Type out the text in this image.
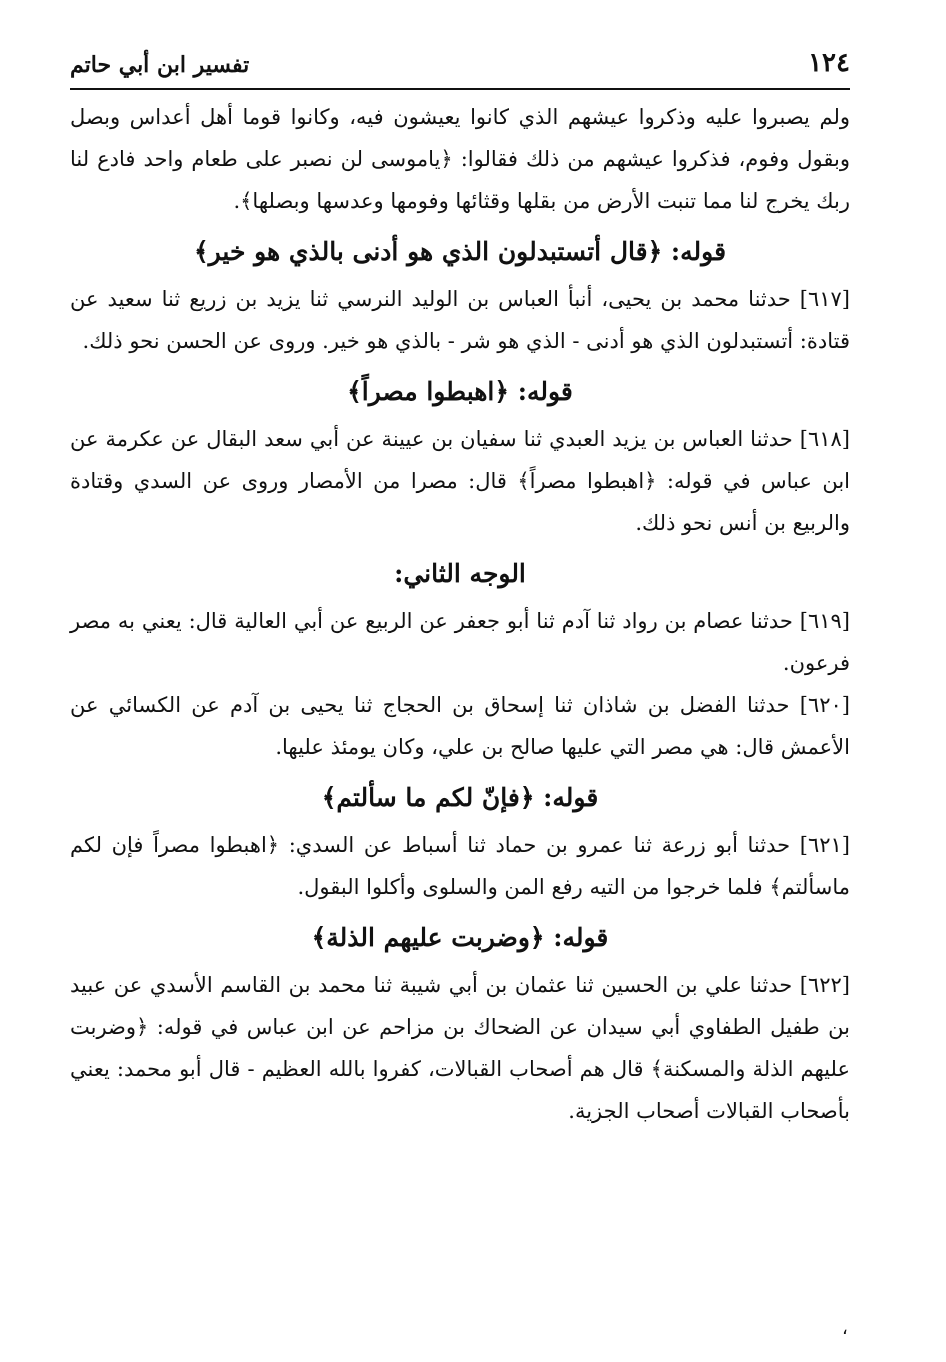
١٢٤
تفسير ابن أبي حاتم

ولم يصبروا عليه وذكروا عيشهم الذي كانوا يعيشون فيه، وكانوا قوما أهل أعداس وبصل وبقول وفوم، فذكروا عيشهم من ذلك فقالوا: ﴿ياموسى لن نصبر على طعام واحد فادع لنا ربك يخرج لنا مما تنبت الأرض من بقلها وقثائها وفومها وعدسها وبصلها﴾.

قوله: ﴿قال أتستبدلون الذي هو أدنى بالذي هو خير﴾

[٦١٧] حدثنا محمد بن يحيى، أنبأ العباس بن الوليد النرسي ثنا يزيد بن زريع ثنا سعيد عن قتادة: أتستبدلون الذي هو أدنى - الذي هو شر - بالذي هو خير. وروى عن الحسن نحو ذلك.

قوله: ﴿اهبطوا مصراً﴾

[٦١٨] حدثنا العباس بن يزيد العبدي ثنا سفيان بن عيينة عن أبي سعد البقال عن عكرمة عن ابن عباس في قوله: ﴿اهبطوا مصراً﴾ قال: مصرا من الأمصار وروى عن السدي وقتادة والربيع بن أنس نحو ذلك.

الوجه الثاني:

[٦١٩] حدثنا عصام بن رواد ثنا آدم ثنا أبو جعفر عن الربيع عن أبي العالية قال: يعني به مصر فرعون.

[٦٢٠] حدثنا الفضل بن شاذان ثنا إسحاق بن الحجاج ثنا يحيى بن آدم عن الكسائي عن الأعمش قال: هي مصر التي عليها صالح بن علي، وكان يومئذ عليها.

قوله: ﴿فإنّ لكم ما سألتم﴾

[٦٢١] حدثنا أبو زرعة ثنا عمرو بن حماد ثنا أسباط عن السدي: ﴿اهبطوا مصراً فإن لكم ماسألتم﴾ فلما خرجوا من التيه رفع المن والسلوى وأكلوا البقول.

قوله: ﴿وضربت عليهم الذلة﴾

[٦٢٢] حدثنا علي بن الحسين ثنا عثمان بن أبي شيبة ثنا محمد بن القاسم الأسدي عن عبيد بن طفيل الطفاوي أبي سيدان عن الضحاك بن مزاحم عن ابن عباس في قوله: ﴿وضربت عليهم الذلة والمسكنة﴾ قال هم أصحاب القبالات، كفروا بالله العظيم - قال أبو محمد: يعني بأصحاب القبالات أصحاب الجزية.

،
